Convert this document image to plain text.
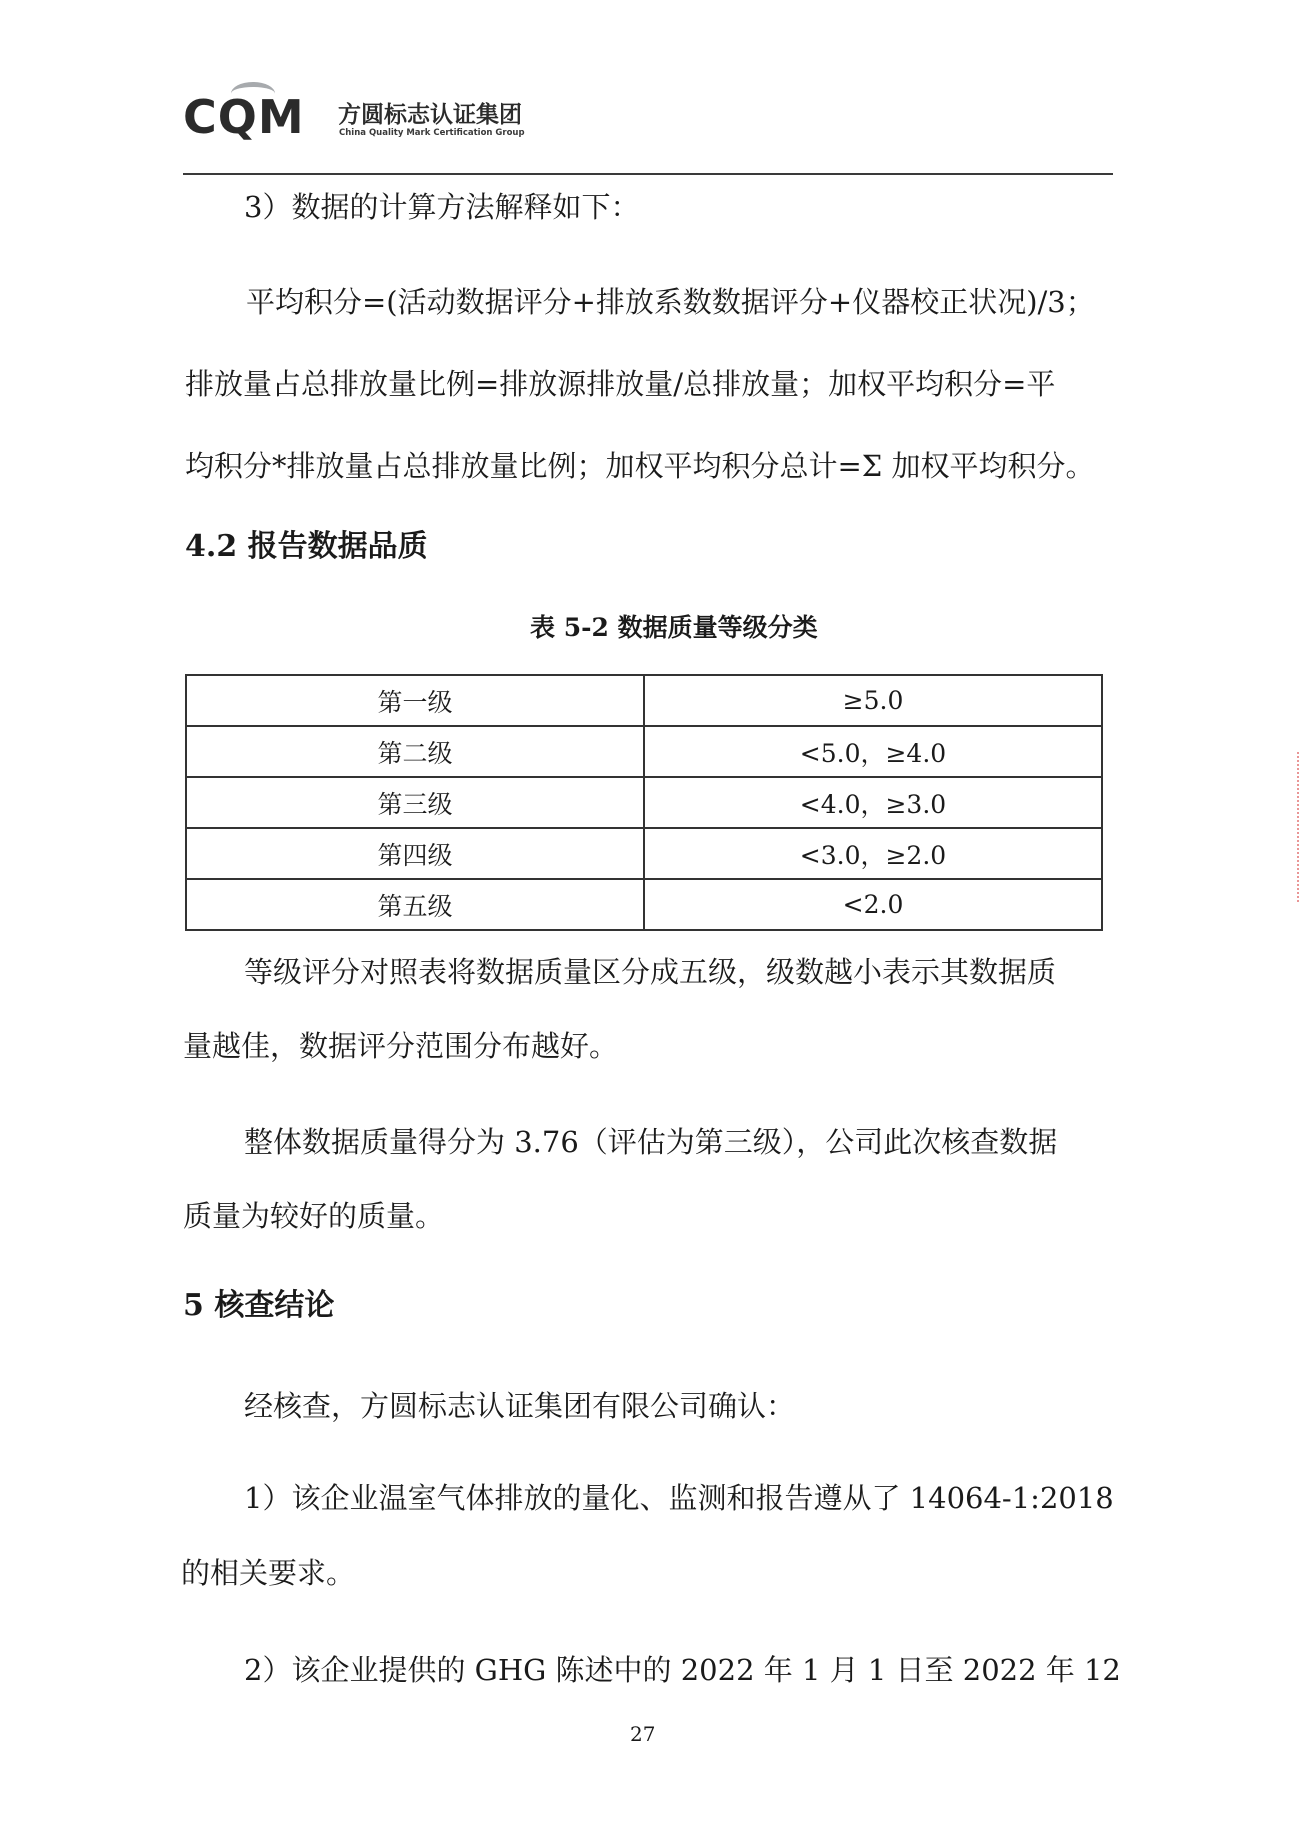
CQM 方圆标志认证集团
China Quality Mark Certification Group
3）数据的计算方法解释如下：
平均积分=(活动数据评分+排放系数数据评分+仪器校正状况)/3；
排放量占总排放量比例=排放源排放量/总排放量；加权平均积分=平
均积分*排放量占总排放量比例；加权平均积分总计=Σ 加权平均积分。
4.2 报告数据品质
表 5-2 数据质量等级分类
第一级	≥5.0
第二级	<5.0，≥4.0
第三级	<4.0，≥3.0
第四级	<3.0，≥2.0
第五级	<2.0
等级评分对照表将数据质量区分成五级，级数越小表示其数据质
量越佳，数据评分范围分布越好。
整体数据质量得分为 3.76（评估为第三级），公司此次核查数据
质量为较好的质量。
5 核查结论
经核查，方圆标志认证集团有限公司确认：
1）该企业温室气体排放的量化、监测和报告遵从了 14064-1:2018
的相关要求。
2）该企业提供的 GHG 陈述中的 2022 年 1 月 1 日至 2022 年 12
27
